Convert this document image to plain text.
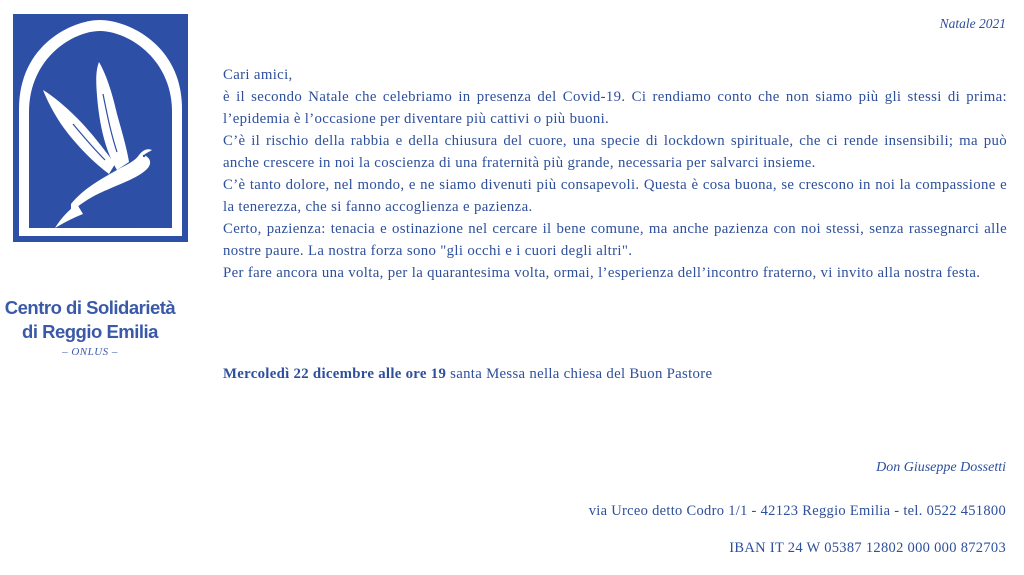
mai Jedimbi
Centro di Solidarietà
di Reggio Emilia
– ONLUS –
Natale 2021

Cari amici,

è il secondo Natale che celebriamo in presenza del Covid-19. Ci rendiamo conto che non siamo più gli stessi di prima: l’epidemia è l’occasione per diventare più cattivi o più buoni.

C’è il rischio della rabbia e della chiusura del cuore, una specie di lockdown spirituale, che ci rende insensibili; ma può anche crescere in noi la coscienza di una fraternità più grande, necessaria per salvarci insieme.

C’è tanto dolore, nel mondo, e ne siamo divenuti più consapevoli. Questa è cosa buona, se crescono in noi la compassione e la tenerezza, che si fanno accoglienza e pazienza.

Certo, pazienza: tenacia e ostinazione nel cercare il bene comune, ma anche pazienza con noi stessi, senza rassegnarci alle nostre paure. La nostra forza sono "gli occhi e i cuori degli altri".

Per fare ancora una volta, per la quarantesima volta, ormai, l’esperienza dell’incontro fraterno, vi invito alla nostra festa.

Mercoledì 22 dicembre alle ore 19 santa Messa nella chiesa del Buon Pastore
Don Giuseppe Dossetti
via Urceo detto Codro 1/1 - 42123 Reggio Emilia - tel. 0522 451800
IBAN IT 24 W 05387 12802 000 000 872703
